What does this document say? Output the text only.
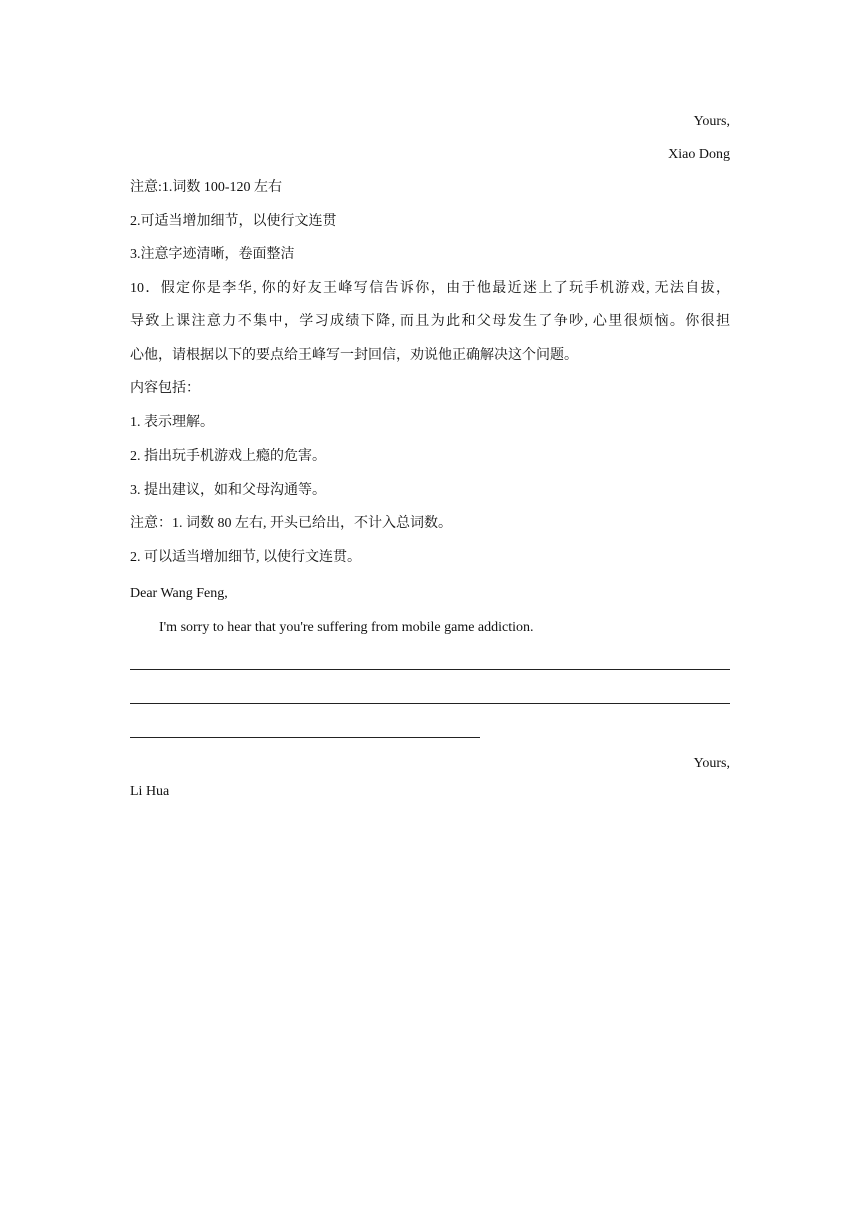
Yours,
Xiao Dong
注意:1.词数 100-120 左右
2.可适当增加细节，以使行文连贯
3.注意字迹清晰，卷面整洁
10．假定你是李华, 你的好友王峰写信告诉你，由于他最近迷上了玩手机游戏, 无法自拔，
导致上课注意力不集中，学习成绩下降, 而且为此和父母发生了争吵, 心里很烦恼。你很担
心他，请根据以下的要点给王峰写一封回信，劝说他正确解决这个问题。
内容包括：
1. 表示理解。
2. 指出玩手机游戏上瘾的危害。
3. 提出建议，如和父母沟通等。
注意：1. 词数 80 左右, 开头已给出，不计入总词数。
2. 可以适当增加细节, 以使行文连贯。
Dear Wang Feng,
I'm sorry to hear that you're suffering from mobile game addiction.
Yours,
Li Hua
